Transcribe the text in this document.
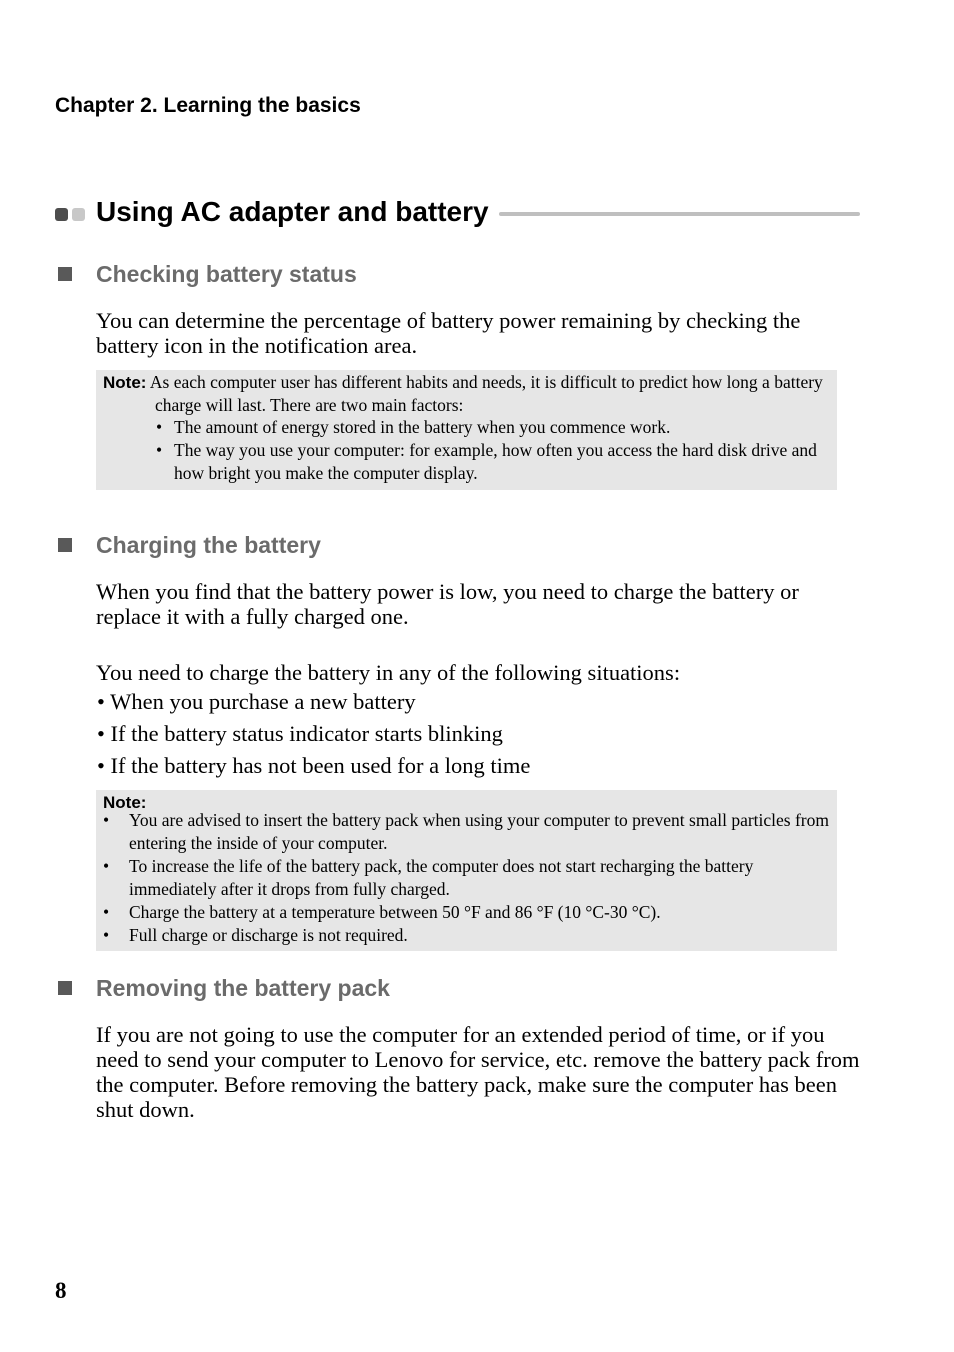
Chapter 2. Learning the basics
Using AC adapter and battery
Checking battery status
You can determine the percentage of battery power remaining by checking the battery icon in the notification area.
Note: As each computer user has different habits and needs, it is difficult to predict how long a battery charge will last. There are two main factors:
• The amount of energy stored in the battery when you commence work.
• The way you use your computer: for example, how often you access the hard disk drive and how bright you make the computer display.
Charging the battery
When you find that the battery power is low, you need to charge the battery or replace it with a fully charged one.
You need to charge the battery in any of the following situations:
• When you purchase a new battery
• If the battery status indicator starts blinking
• If the battery has not been used for a long time
Note:
• You are advised to insert the battery pack when using your computer to prevent small particles from entering the inside of your computer.
• To increase the life of the battery pack, the computer does not start recharging the battery immediately after it drops from fully charged.
• Charge the battery at a temperature between 50 °F and 86 °F (10 °C-30 °C).
• Full charge or discharge is not required.
Removing the battery pack
If you are not going to use the computer for an extended period of time, or if you need to send your computer to Lenovo for service, etc. remove the battery pack from the computer. Before removing the battery pack, make sure the computer has been shut down.
8
